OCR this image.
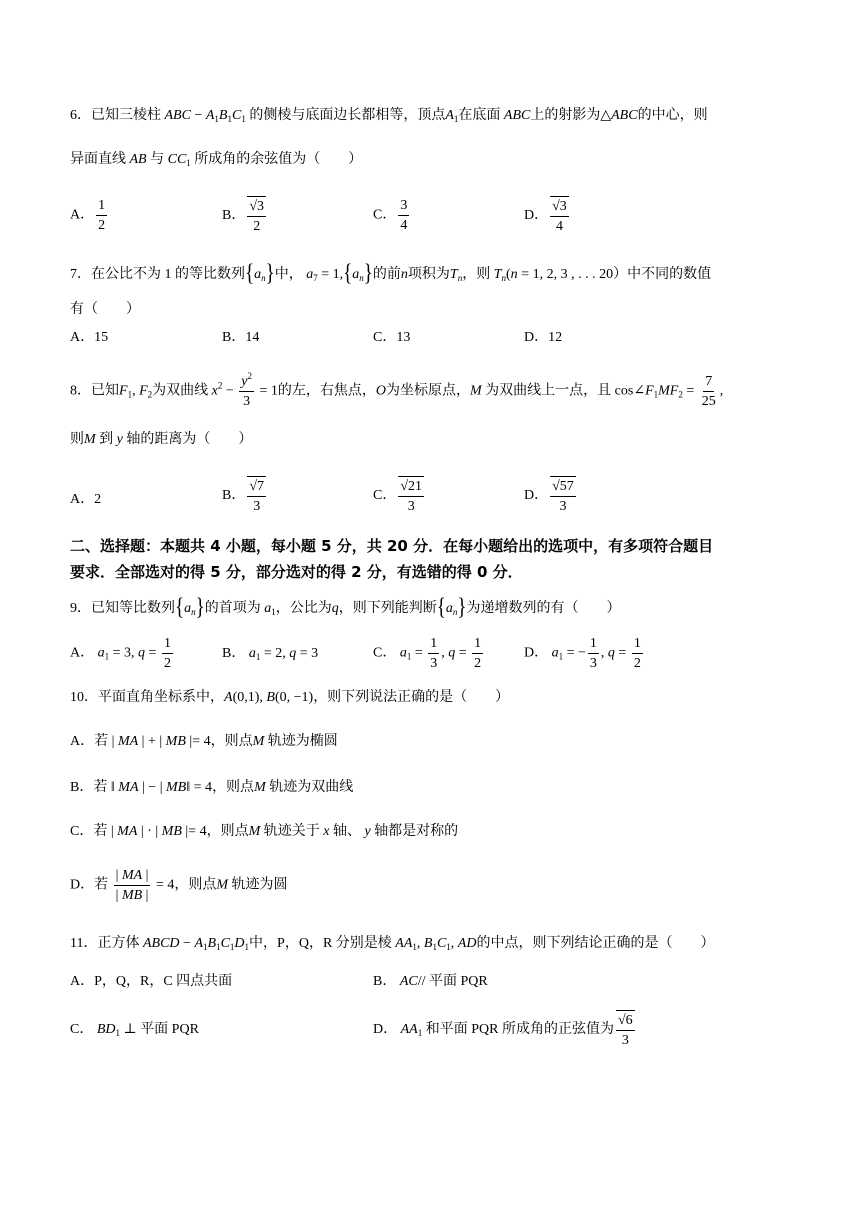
6．已知三棱柱 ABC − $A_1B_1C_1$ 的侧棱与底面边长都相等，顶点$A_1$在底面 ABC上的射影为△ABC的中心，则
异面直线 AB 与 $CC_1$ 所成角的余弦值为（　　）
A． $\frac{1}{2}$	B． $\frac{√3}{2}$	C． $\frac{3}{4}$	D． $\frac{√3}{4}$
7．在公比不为 1 的等比数列$\{a_n\}$中， $a_7 = 1,\{a_n\}$的前n项积为$T_n$，则 $T_n(n = 1$, 2, 3 , . . . 20）中不同的数值
有（　　）
A．15	B．14	C．13	D．12
8．已知$F_1$, $F_2$为双曲线 $x^2 - \frac{y^2}{3} = 1$的左，右焦点，O为坐标原点，M 为双曲线上一点，且 $\cos\angle F_1MF_2 = \frac{7}{25}$ ,
则M 到 y 轴的距离为（　　）
A．2	B． $\frac{√7}{3}$	C． $\frac{√21}{3}$	D． $\frac{√57}{3}$
二、选择题：本题共 4 小题，每小题 5 分，共 20 分．在每小题给出的选项中，有多项符合题目
要求．全部选对的得 5 分，部分选对的得 2 分，有选错的得 0 分．
9．已知等比数列$\{a_n\}$的首项为 $a_1$，公比为q，则下列能判断$\{a_n\}$为递增数列的有（　　）
A． $a_1 = 3$, $q = \frac{1}{2}$	B． $a_1 = 2$, q = 3	C． $a_1 = \frac{1}{3}$ , $q = \frac{1}{2}$	D． $a_1$ = − $\frac{1}{3}$ , $q = \frac{1}{2}$
10．平面直角坐标系中，A(0,1), B(0, −1)，则下列说法正确的是（　　）
A．若 | MA | + | MB |= 4，则点M 轨迹为椭圆
B．若 ‖ MA | − | MB‖ = 4，则点M 轨迹为双曲线
C．若 | MA | · | MB |= 4，则点M 轨迹关于 x 轴、 y 轴都是对称的
D．若 $\frac{| MA |}{| MB |} = 4$，则点M 轨迹为圆
11．正方体 ABCD − $A_1B_1C_1D_1$中，P，Q，R 分别是棱 $AA_1$, $B_1C_1$, AD的中点，则下列结论正确的是（　　）
A．P，Q，R，C 四点共面	B． AC// 平面 PQR
C． $BD_1$ ⊥ 平面 PQR	D． $AA_1$ 和平面 PQR 所成角的正弦值为 $\frac{√6}{3}$
